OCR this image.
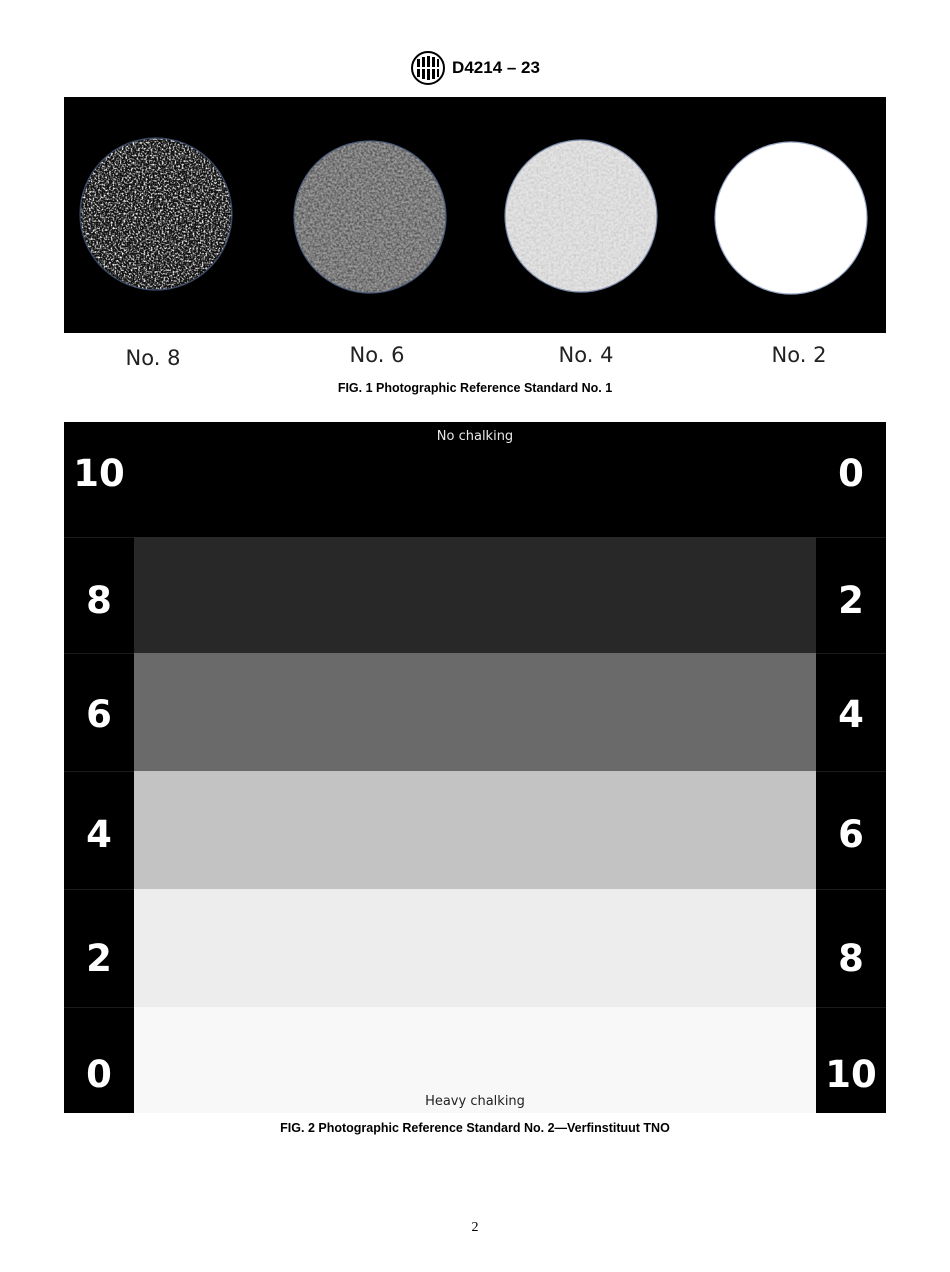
D4214 – 23
No. 8	No. 6	No. 4	No. 2
FIG. 1 Photographic Reference Standard No. 1
No chalking
Heavy chalking
10
8
6
4
2
0
0
2
4
6
8
10
FIG. 2 Photographic Reference Standard No. 2—Verfinstituut TNO
2
